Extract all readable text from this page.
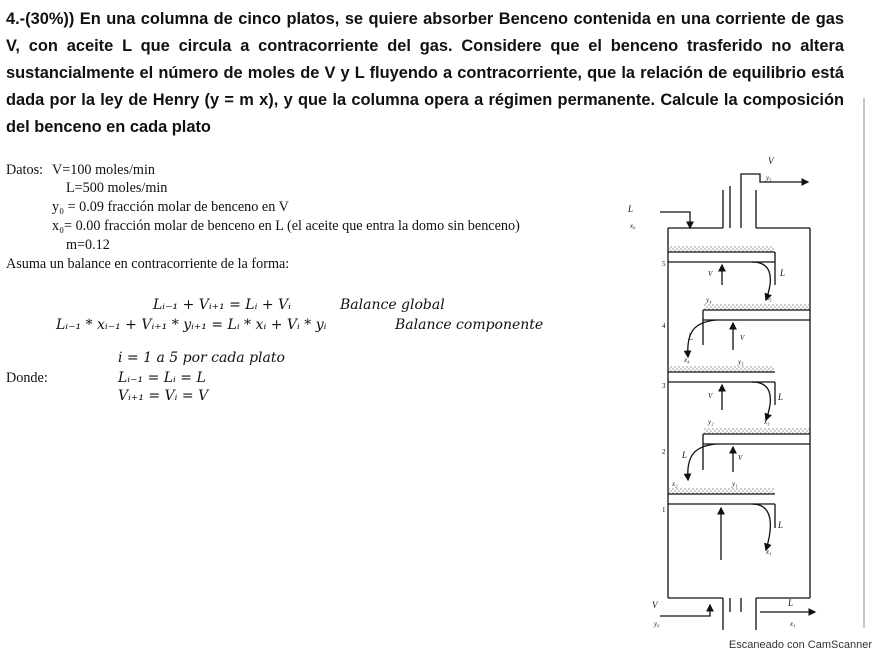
4.-(30%)) En una columna de cinco platos, se quiere absorber Benceno contenida en una corriente de gas V, con aceite L que circula a contracorriente del gas. Considere que el benceno trasferido no altera sustancialmente el número de moles de V y L fluyendo a contracorriente, que la relación de equilibrio está dada por la ley de Henry (y = m x), y que la columna opera a régimen permanente. Calcule la composición del benceno en cada plato
Datos: V=100 moles/min
L=500 moles/min
y₀ = 0.09 fracción molar de benceno en V
x₀= 0.00 fracción molar de benceno en L (el aceite que entra la domo sin benceno)
m=0.12
Asuma un balance en contracorriente de la forma:
Lᵢ₋₁ + Vᵢ₊₁ = Lᵢ + Vᵢ	Balance global
Lᵢ₋₁ * xᵢ₋₁ + Vᵢ₊₁ * yᵢ₊₁ = Lᵢ * xᵢ + Vᵢ * yᵢ	Balance componente
i = 1 a 5 por cada plato
Donde:	Lᵢ₋₁ = Lᵢ = L
Vᵢ₊₁ = Vᵢ = V
V
y₅
L
x₀
5
4
3
2
1
V	L
y₄	x₅
L	V
x₄	y₃
V	L
y₂	x₃
L	V
x₂	y₁
L
x₁
V
y₀
L
x₁
Escaneado con CamScanner
